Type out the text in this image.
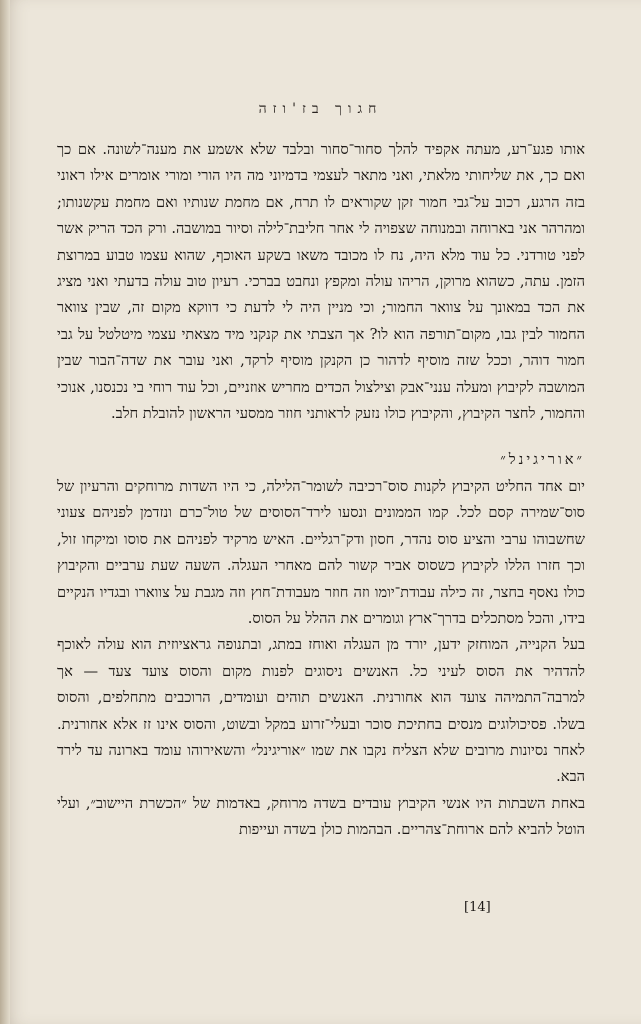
חגוך בז'וזה

אותו פגע־רע, מעתה אקפיד להלך סחור־סחור ובלבד שלא אשמע את מענה־לשונה. אם כך ואם כך, את שליחותי מלאתי, ואני מתאר לעצמי בדמיוני מה היו הורי ומורי אומרים אילו ראוני בזה הרגע, רכוב על־גבי חמור זקן שקוראים לו תרח, אם מחמת שנותיו ואם מחמת עקשנותו; ומהרהר אני בארוחה ובמנוחה שצפויה לי אחר חליבת־לילה וסיור במושבה. ורק הכד הריק אשר לפני טורדני. כל עוד מלא היה, נח לו מכובד משאו בשקע האוכף, שהוא עצמו טבוע במרוצת הזמן. עתה, כשהוא מרוקן, הריהו עולה ומקפץ ונחבט בברכי. רעיון טוב עולה בדעתי ואני מציג את הכד במאונך על צוואר החמור; וכי מניין היה לי לדעת כי דווקא מקום זה, שבין צוואר החמור לבין גבו, מקום־תורפה הוא לו? אך הצבתי את קנקני מיד מצאתי עצמי מיטלטל על גבי חמור דוהר, וככל שזה מוסיף לדהור כן הקנקן מוסיף לרקד, ואני עובר את שדה־הבור שבין המושבה לקיבוץ ומעלה ענני־אבק וצילצול הכדים מחריש אוזניים, וכל עוד רוחי בי נכנסנו, אנוכי והחמור, לחצר הקיבוץ, והקיבוץ כולו נזעק לראותני חוזר ממסעי הראשון להובלת חלב.

״אוריגינל״

יום אחד החליט הקיבוץ לקנות סוס־רכיבה לשומר־הלילה, כי היו השדות מרוחקים והרעיון של סוס־שמירה קסם לכל. קמו הממונים ונסעו לירד־הסוסים של טול־כרם ונזדמן לפניהם צעוני שחשבוהו ערבי והציע סוס נהדר, חסון ודק־רגליים. האיש מרקיד לפניהם את סוסו ומיקחו זול, וכך חזרו הללו לקיבוץ כשסוס אביר קשור להם מאחרי העגלה. השעה שעת ערביים והקיבוץ כולו נאסף בחצר, זה כילה עבודת־יומו וזה חוזר מעבודת־חוץ וזה מגבת על צווארו ובגדיו הנקיים בידו, והכל מסתכלים בדרך־ארץ וגומרים את ההלל על הסוס.

בעל הקנייה, המוחזק ידען, יורד מן העגלה ואוחז במתג, ובתנופה גראציוזית הוא עולה לאוכף להדהיר את הסוס לעיני כל. האנשים ניסוגים לפנות מקום והסוס צועד צעד — אך למרבה־התמיהה צועד הוא אחורנית. האנשים תוהים ועומדים, הרוכבים מתחלפים, והסוס בשלו. פסיכולוגים מנסים בחתיכת סוכר ובעלי־זרוע במקל ובשוט, והסוס אינו זז אלא אחורנית. לאחר נסיונות מרובים שלא הצליח נקבו את שמו ״אוריגינל״ והשאירוהו עומד בארונה עד לירד הבא.

באחת השבתות היו אנשי הקיבוץ עובדים בשדה מרוחק, באדמות של ״הכשרת היישוב״, ועלי הוטל להביא להם ארוחת־צהריים. הבהמות כולן בשדה ועייפות

[14]
